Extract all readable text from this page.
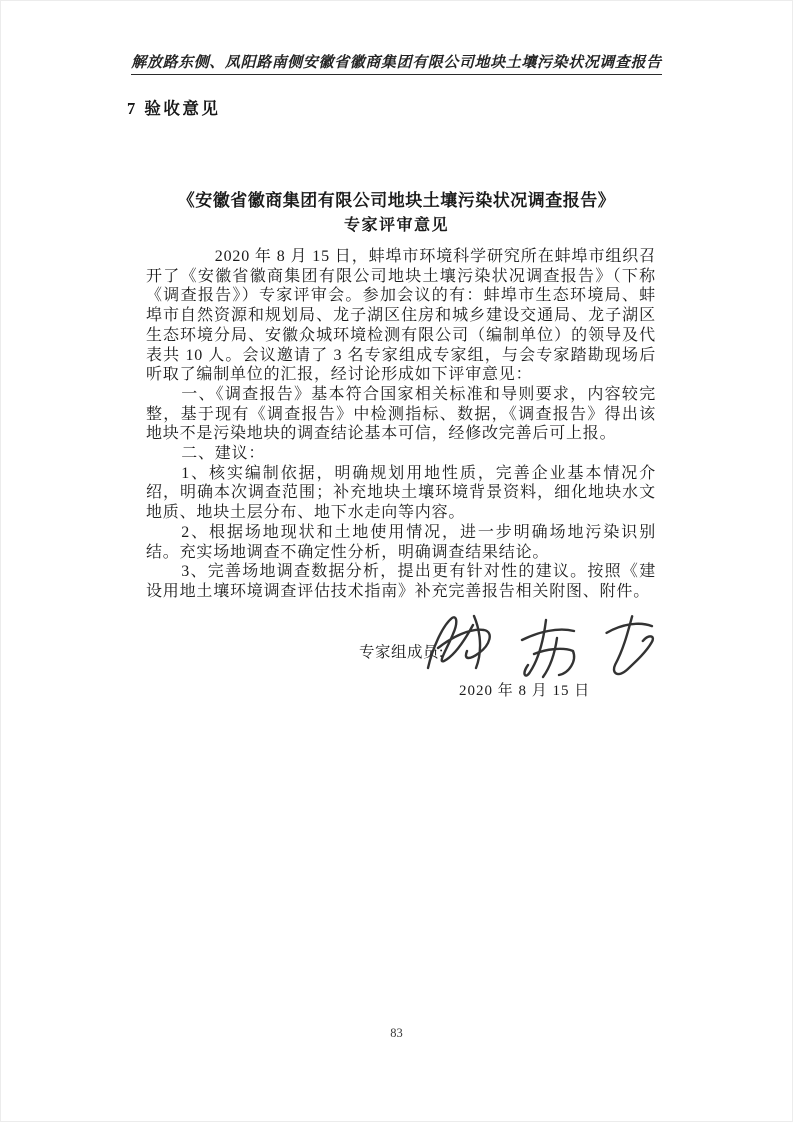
解放路东侧、凤阳路南侧安徽省徽商集团有限公司地块土壤污染状况调查报告
7 验收意见
《安徽省徽商集团有限公司地块土壤污染状况调查报告》
专家评审意见

2020 年 8 月 15 日，蚌埠市环境科学研究所在蚌埠市组织召开了《安徽省徽商集团有限公司地块土壤污染状况调查报告》（下称《调查报告》）专家评审会。参加会议的有：蚌埠市生态环境局、蚌埠市自然资源和规划局、龙子湖区住房和城乡建设交通局、龙子湖区生态环境分局、安徽众城环境检测有限公司（编制单位）的领导及代表共 10 人。会议邀请了 3 名专家组成专家组，与会专家踏勘现场后听取了编制单位的汇报，经讨论形成如下评审意见：

一、《调查报告》基本符合国家相关标准和导则要求，内容较完整，基于现有《调查报告》中检测指标、数据，《调查报告》得出该地块不是污染地块的调查结论基本可信，经修改完善后可上报。

二、建议：

1、核实编制依据，明确规划用地性质，完善企业基本情况介绍，明确本次调查范围；补充地块土壤环境背景资料，细化地块水文地质、地块土层分布、地下水走向等内容。

2、根据场地现状和土地使用情况，进一步明确场地污染识别结。充实场地调查不确定性分析，明确调查结果结论。

3、完善场地调查数据分析，提出更有针对性的建议。按照《建设用地土壤环境调查评估技术指南》补充完善报告相关附图、附件。

专家组成员:
2020 年 8 月 15 日
83
